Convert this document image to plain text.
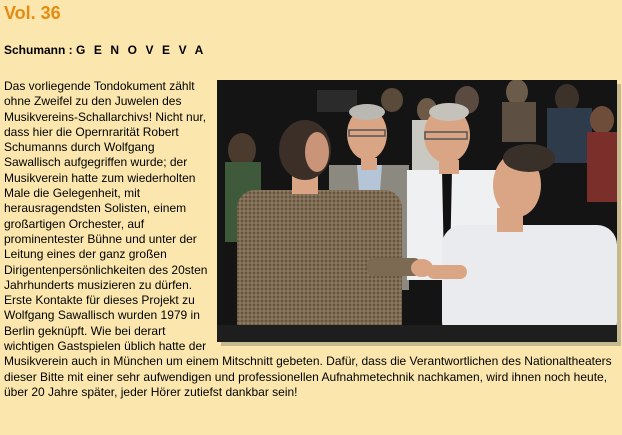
Vol. 36
Schumann : G E N O V E V A
Das vorliegende Tondokument zählt ohne Zweifel zu den Juwelen des Musikvereins-Schallarchivs! Nicht nur, dass hier die Opernrarität Robert Schumanns durch Wolfgang Sawallisch aufgegriffen wurde; der Musikverein hatte zum wiederholten Male die Gelegenheit, mit herausragendsten Solisten, einem großartigen Orchester, auf prominentester Bühne und unter der Leitung eines der ganz großen Dirigentenpersönlichkeiten des 20sten Jahrhunderts musizieren zu dürfen. Erste Kontakte für dieses Projekt zu Wolfgang Sawallisch wurden 1979 in Berlin geknüpft. Wie bei derart wichtigen Gastspielen üblich hatte der Musikverein auch in München um einem Mitschnitt gebeten. Dafür, dass die Verantwortlichen des Nationaltheaters dieser Bitte mit einer sehr aufwendigen und professionellen Aufnahmetechnik nachkamen, wird ihnen noch heute, über 20 Jahre später, jeder Hörer zutiefst dankbar sein!
